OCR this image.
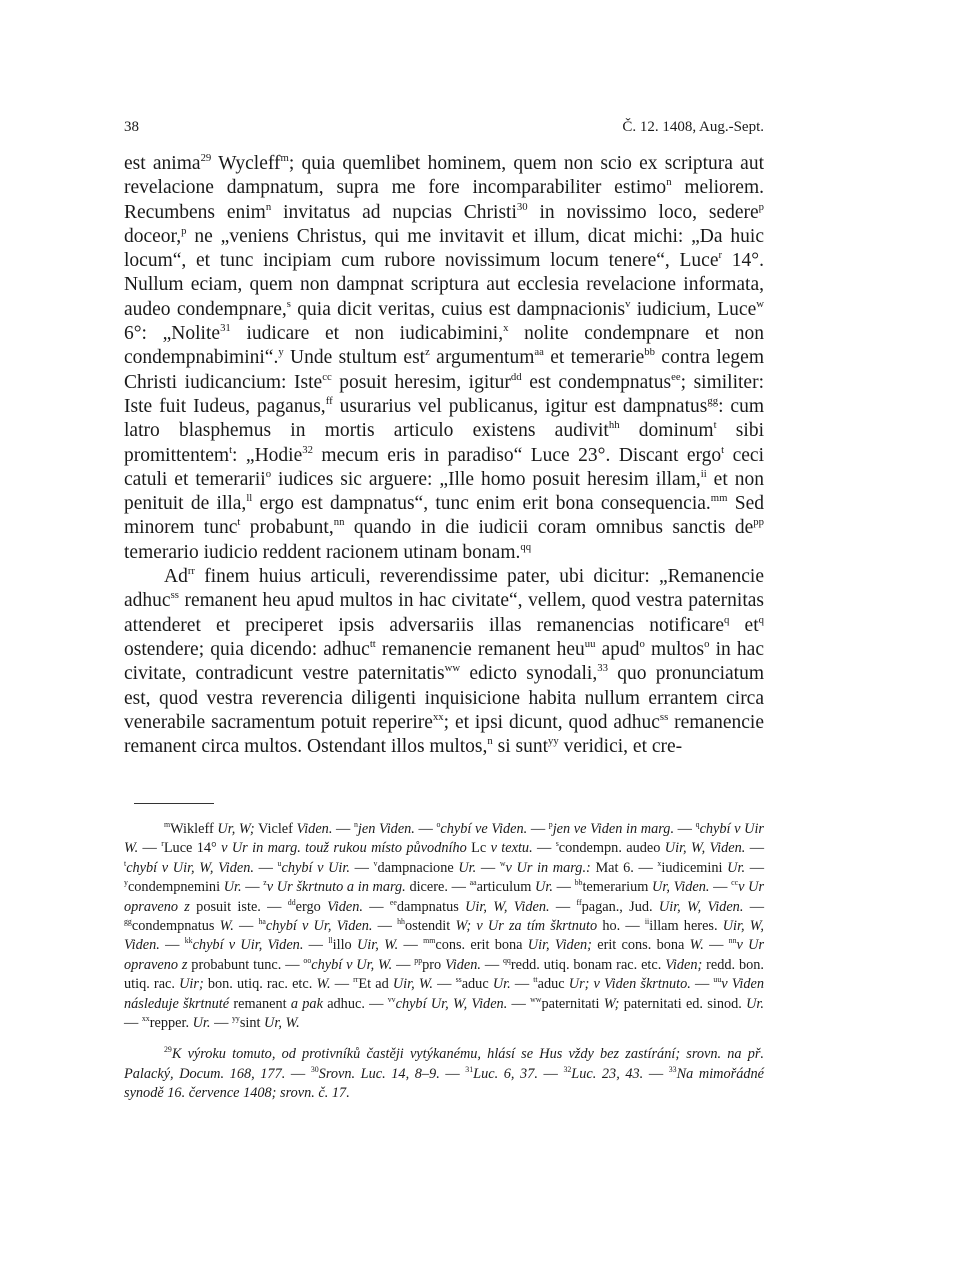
38	Č. 12. 1408, Aug.-Sept.

est anima$^{29}$ Wycleff$^m$; quia quemlibet hominem, quem non scio ex scriptura aut revelacione dampnatum, supra me fore incomparabiliter estimo$^n$ meliorem. Recumbens enim$^n$ invitatus ad nupcias Christi$^{30}$ in novissimo loco, sedere$^p$ doceor,$^p$ ne „veniens Christus, qui me invitavit et illum, dicat michi: „Da huic locum“, et tunc incipiam cum rubore novissimum locum tenere“, Luce$^r$ 14°. Nullum eciam, quem non dampnat scriptura aut ecclesia revelacione informata, audeo condempnare,$^s$ quia dicit veritas, cuius est dampnacionis$^v$ iudicium, Luce$^w$ 6°: „Nolite$^{31}$ iudicare et non iudicabimini,$^x$ nolite condempnare et non condempnabimini“.$^y$ Unde stultum est$^z$ argumentum$^{aa}$ et temerarie$^{bb}$ contra legem Christi iudicancium: Iste$^{cc}$ posuit heresim, igitur$^{dd}$ est condempnatus$^{ee}$; similiter: Iste fuit Iudeus, paganus,$^{ff}$ usurarius vel publicanus, igitur est dampnatus$^{gg}$: cum latro blasphemus in mortis articulo existens audivit$^{hh}$ dominum$^t$ sibi promittentem$^t$: „Hodie$^{32}$ mecum eris in paradiso“ Luce 23°. Discant ergo$^t$ ceci catuli et temerarii$^o$ iudices sic arguere: „Ille homo posuit heresim illam,$^{ii}$ et non penituit de illa,$^{ll}$ ergo est dampnatus“, tunc enim erit bona consequencia.$^{mm}$ Sed minorem tunc$^t$ probabunt,$^{nn}$ quando in die iudicii coram omnibus sanctis $de^{pp}$ temerario iudicio reddent racionem utinam bonam.$^{qq}$

$Ad^{rr}$ finem huius articuli, reverendissime pater, ubi dicitur: „Remanencie adhuc$^{ss}$ remanent heu apud multos in hac civitate“, vellem, quod vestra paternitas attenderet et preciperet ipsis adversariis illas remanencias notificare$^q$ $et^q$ ostendere; quia dicendo: adhuc$^{tt}$ remanencie remanent heu$^{uu}$ apud$^o$ multos$^o$ in hac civitate, contradicunt vestre paternitatis$^{ww}$ edicto synodali,$^{33}$ quo pronunciatum est, quod vestra reverencia diligenti inquisicione habita nullum errantem circa venerabile sacramentum potuit reperire$^{xx}$; et ipsi dicunt, quod adhuc$^{ss}$ remanencie remanent circa multos. Ostendant illos multos,$^n$ si sunt$^{yy}$ veridici, et cre-

$^m$Wikleff Ur, W; Viclef Viden. — $^n$jen Viden. — $^o$chybí ve Viden. — $^p$jen ve Viden in marg. — $^q$chybí v Uir W. — $^r$Luce 14° v Ur in marg. touž rukou místo původního Lc v textu. — $^s$condempn. audeo Uir, W, Viden. — $^t$chybí v Uir, W, Viden. — $^u$chybí v Uir. — $^v$dampnacione Ur. — $^w$v Ur in marg.: Mat 6. — $^x$iudicemini Ur. — $^y$condempnemini Ur. — $^z$v Ur škrtnuto a in marg. dicere. — $^{aa}$articulum Ur. — $^{bb}$temerarium Ur, Viden. — $^{cc}$v Ur opraveno z posuit iste. — $^{dd}$ergo Viden. — $^{ee}$dampnatus Uir, W, Viden. — $^{ff}$pagan., Jud. Uir, W, Viden. — $^{gg}$condempnatus W. — $^{ha}$chybí v Ur, Viden. — $^{hh}$ostendit W; v Ur za tím škrtnuto ho. — $^{ii}$illam heres. Uir, W, Viden. — $^{kk}$chybí v Uir, Viden. — $^{ll}$illo Uir, W. — $^{mm}$cons. erit bona Uir, Viden; erit cons. bona W. — $^{nn}$v Ur opraveno z probabunt tunc. — $^{oo}$chybí v Ur, W. — $^{pp}$pro Viden. — $^{qq}$redd. utiq. bonam rac. etc. Viden; redd. bon. utiq. rac. Uir; bon. utiq. rac. etc. W. — $^{rr}$Et ad Uir, W. — $^{ss}$aduc Ur. — $^{tt}$aduc Ur; v Viden škrtnuto. — $^{uu}$v Viden následuje škrtnuté remanent a pak adhuc. — $^{vv}$chybí Ur, W, Viden. — $^{ww}$paternitati W; paternitati ed. sinod. Ur. — $^{xx}$repper. Ur. — $^{yy}$sint Ur, W.

$^{29}$K výroku tomuto, od protivníků častěji vytýkanému, hlásí se Hus vždy bez zastírání; srovn. na př. Palacký, Docum. 168, 177. — $^{30}$Srovn. Luc. 14, 8–9. — $^{31}$Luc. 6, 37. — $^{32}$Luc. 23, 43. — $^{33}$Na mimořádné synodě 16. července 1408; srovn. č. 17.
